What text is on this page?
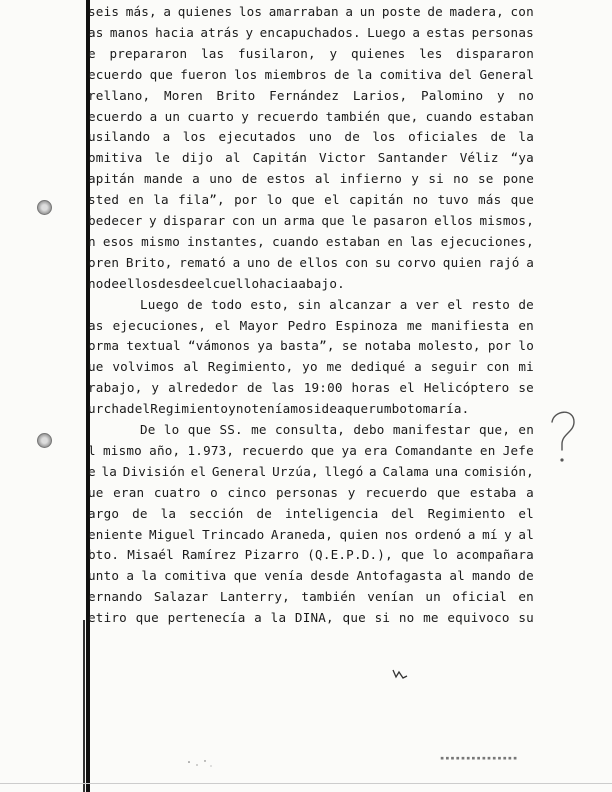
seis más, a quienes los amarraban a un poste de madera, con
as manos hacia atrás y encapuchados. Luego a estas personas
e prepararon las fusilaron, y quienes les dispararon
ecuerdo que fueron los miembros de la comitiva del General
rellano, Moren Brito Fernández Larios, Palomino y no
ecuerdo a un cuarto y recuerdo también que, cuando estaban
usilando a los ejecutados uno de los oficiales de la
omitiva le dijo al Capitán Victor Santander Véliz “ya
apitán mande a uno de estos al infierno y si no se pone
sted en la fila”, por lo que el capitán no tuvo más que
bedecer y disparar con un arma que le pasaron ellos mismos,
n esos mismo instantes, cuando estaban en las ejecuciones,
oren Brito, remató a uno de ellos con su corvo quien rajó a
no de ellos desde el cuello hacia abajo.
Luego de todo esto, sin alcanzar a ver el resto de
as ejecuciones, el Mayor Pedro Espinoza me manifiesta en
orma textual “vámonos ya basta”, se notaba molesto, por lo
ue volvimos al Regimiento, yo me dediqué a seguir con mi
rabajo, y alrededor de las 19:00 horas el Helicóptero se
urcha del Regimiento y no teníamos idea que rumbo tomaría.
De lo que SS. me consulta, debo manifestar que, en
l mismo año, 1.973, recuerdo que ya era Comandante en Jefe
e la División el General Urzúa, llegó a Calama una comisión,
ue eran cuatro o cinco personas y recuerdo que estaba a
argo de la sección de inteligencia del Regimiento el
eniente Miguel Trincado Araneda, quien nos ordenó a mí y al
bto. Misaél Ramírez Pizarro (Q.E.P.D.), que lo acompañara
unto a la comitiva que venía desde Antofagasta al mando de
ernando Salazar Lanterry, también venían un oficial en
etiro que pertenecía a la DINA, que si no me equivoco su
▪▪▪▪▪▪▪▪▪▪▪▪▪▪▪
